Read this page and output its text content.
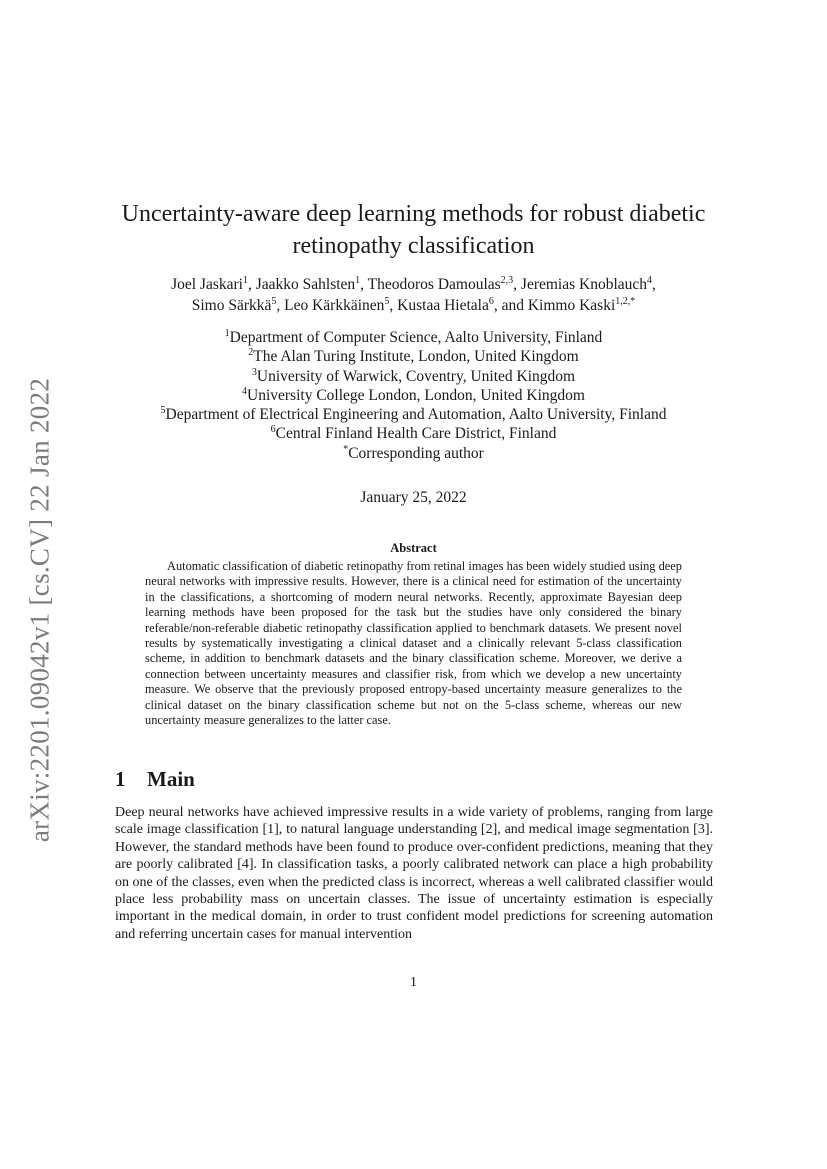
arXiv:2201.09042v1 [cs.CV] 22 Jan 2022
Uncertainty-aware deep learning methods for robust diabetic retinopathy classification
Joel Jaskari$^1$, Jaakko Sahlsten$^1$, Theodoros Damoulas$^{2,3}$, Jeremias Knoblauch$^4$,
Simo Särkkä$^5$, Leo Kärkkäinen$^5$, Kustaa Hietala$^6$, and Kimmo Kaski$^{1,2,*}$
$^1$Department of Computer Science, Aalto University, Finland
$^2$The Alan Turing Institute, London, United Kingdom
$^3$University of Warwick, Coventry, United Kingdom
$^4$University College London, London, United Kingdom
$^5$Department of Electrical Engineering and Automation, Aalto University, Finland
$^6$Central Finland Health Care District, Finland
*Corresponding author
January 25, 2022
Abstract

Automatic classification of diabetic retinopathy from retinal images has been widely studied using deep neural networks with impressive results. However, there is a clinical need for estimation of the uncertainty in the classifications, a shortcoming of modern neural networks. Recently, approximate Bayesian deep learning methods have been proposed for the task but the studies have only considered the binary referable/non-referable diabetic retinopathy classification applied to benchmark datasets. We present novel results by systematically investigating a clinical dataset and a clinically relevant 5-class classification scheme, in addition to benchmark datasets and the binary classification scheme. Moreover, we derive a connection between uncertainty measures and classifier risk, from which we develop a new uncertainty measure. We observe that the previously proposed entropy-based uncertainty measure generalizes to the clinical dataset on the binary classification scheme but not on the 5-class scheme, whereas our new uncertainty measure generalizes to the latter case.

1 Main

Deep neural networks have achieved impressive results in a wide variety of problems, ranging from large scale image classification [1], to natural language understanding [2], and medical image segmentation [3]. However, the standard methods have been found to produce over-confident predictions, meaning that they are poorly calibrated [4]. In classification tasks, a poorly calibrated network can place a high probability on one of the classes, even when the predicted class is incorrect, whereas a well calibrated classifier would place less probability mass on uncertain classes. The issue of uncertainty estimation is especially important in the medical domain, in order to trust confident model predictions for screening automation and referring uncertain cases for manual intervention

1
